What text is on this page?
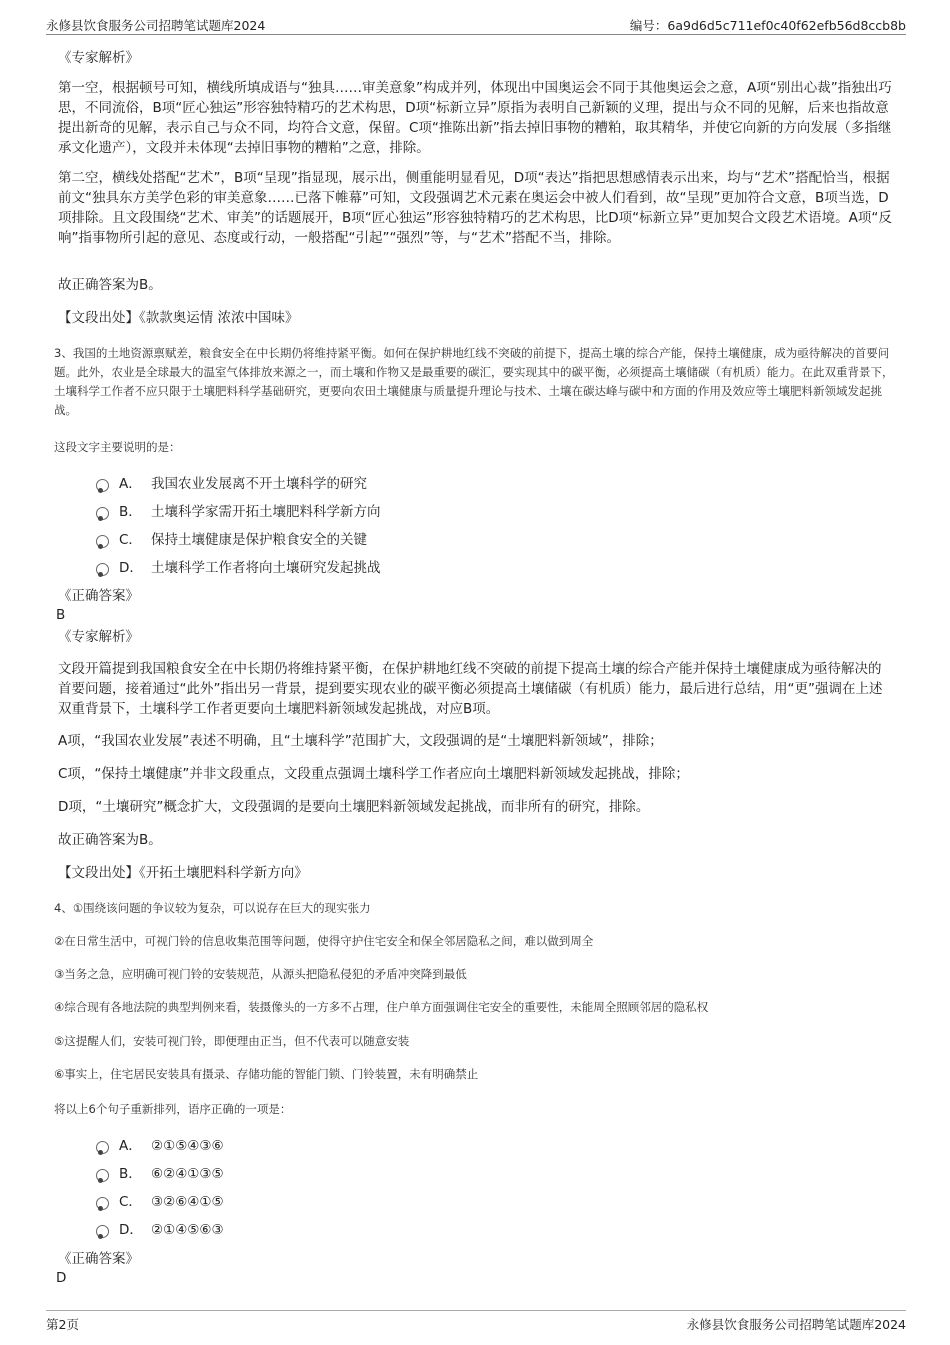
永修县饮食服务公司招聘笔试题库2024	编号：6a9d6d5c711ef0c40f62efb56d8ccb8b

《专家解析》

第一空，根据顿号可知，横线所填成语与“独具……审美意象”构成并列，体现出中国奥运会不同于其他奥运会之意，A项“别出心裁”指独出巧思，不同流俗，B项“匠心独运”形容独特精巧的艺术构思，D项“标新立异”原指为表明自己新颖的义理，提出与众不同的见解，后来也指故意提出新奇的见解，表示自己与众不同，均符合文意，保留。C项“推陈出新”指去掉旧事物的糟粕，取其精华，并使它向新的方向发展（多指继承文化遗产），文段并未体现“去掉旧事物的糟粕”之意，排除。

第二空，横线处搭配“艺术”，B项“呈现”指显现，展示出，侧重能明显看见，D项“表达”指把思想感情表示出来，均与“艺术”搭配恰当，根据前文“独具东方美学色彩的审美意象……已落下帷幕”可知，文段强调艺术元素在奥运会中被人们看到，故“呈现”更加符合文意，B项当选，D项排除。且文段围绕“艺术、审美”的话题展开，B项“匠心独运”形容独特精巧的艺术构思，比D项“标新立异”更加契合文段艺术语境。A项“反响”指事物所引起的意见、态度或行动，一般搭配“引起”“强烈”等，与“艺术”搭配不当，排除。

故正确答案为B。

【文段出处】《款款奥运情 浓浓中国味》

3、我国的土地资源禀赋差，粮食安全在中长期仍将维持紧平衡。如何在保护耕地红线不突破的前提下，提高土壤的综合产能，保持土壤健康，成为亟待解决的首要问题。此外，农业是全球最大的温室气体排放来源之一，而土壤和作物又是最重要的碳汇，要实现其中的碳平衡，必须提高土壤储碳（有机质）能力。在此双重背景下，土壤科学工作者不应只限于土壤肥料科学基础研究，更要向农田土壤健康与质量提升理论与技术、土壤在碳达峰与碳中和方面的作用及效应等土壤肥料新领域发起挑战。

这段文字主要说明的是：

A． 我国农业发展离不开土壤科学的研究
B． 土壤科学家需开拓土壤肥料科学新方向
C． 保持土壤健康是保护粮食安全的关键
D． 土壤科学工作者将向土壤研究发起挑战

《正确答案》

B

《专家解析》

文段开篇提到我国粮食安全在中长期仍将维持紧平衡，在保护耕地红线不突破的前提下提高土壤的综合产能并保持土壤健康成为亟待解决的首要问题，接着通过“此外”指出另一背景，提到要实现农业的碳平衡必须提高土壤储碳（有机质）能力，最后进行总结，用“更”强调在上述双重背景下，土壤科学工作者更要向土壤肥料新领域发起挑战，对应B项。

A项，“我国农业发展”表述不明确，且“土壤科学”范围扩大，文段强调的是“土壤肥料新领域”，排除；

C项，“保持土壤健康”并非文段重点，文段重点强调土壤科学工作者应向土壤肥料新领域发起挑战，排除；

D项，“土壤研究”概念扩大，文段强调的是要向土壤肥料新领域发起挑战，而非所有的研究，排除。

故正确答案为B。

【文段出处】《开拓土壤肥料科学新方向》

4、①围绕该问题的争议较为复杂，可以说存在巨大的现实张力

②在日常生活中，可视门铃的信息收集范围等问题，使得守护住宅安全和保全邻居隐私之间，难以做到周全

③当务之急，应明确可视门铃的安装规范，从源头把隐私侵犯的矛盾冲突降到最低

④综合现有各地法院的典型判例来看，装摄像头的一方多不占理，住户单方面强调住宅安全的重要性，未能周全照顾邻居的隐私权

⑤这提醒人们，安装可视门铃，即便理由正当，但不代表可以随意安装

⑥事实上，住宅居民安装具有摄录、存储功能的智能门锁、门铃装置，未有明确禁止

将以上6个句子重新排列，语序正确的一项是：

A． ②①⑤④③⑥
B． ⑥②④①③⑤
C． ③②⑥④①⑤
D． ②①④⑤⑥③

《正确答案》

D

第2页	永修县饮食服务公司招聘笔试题库2024
